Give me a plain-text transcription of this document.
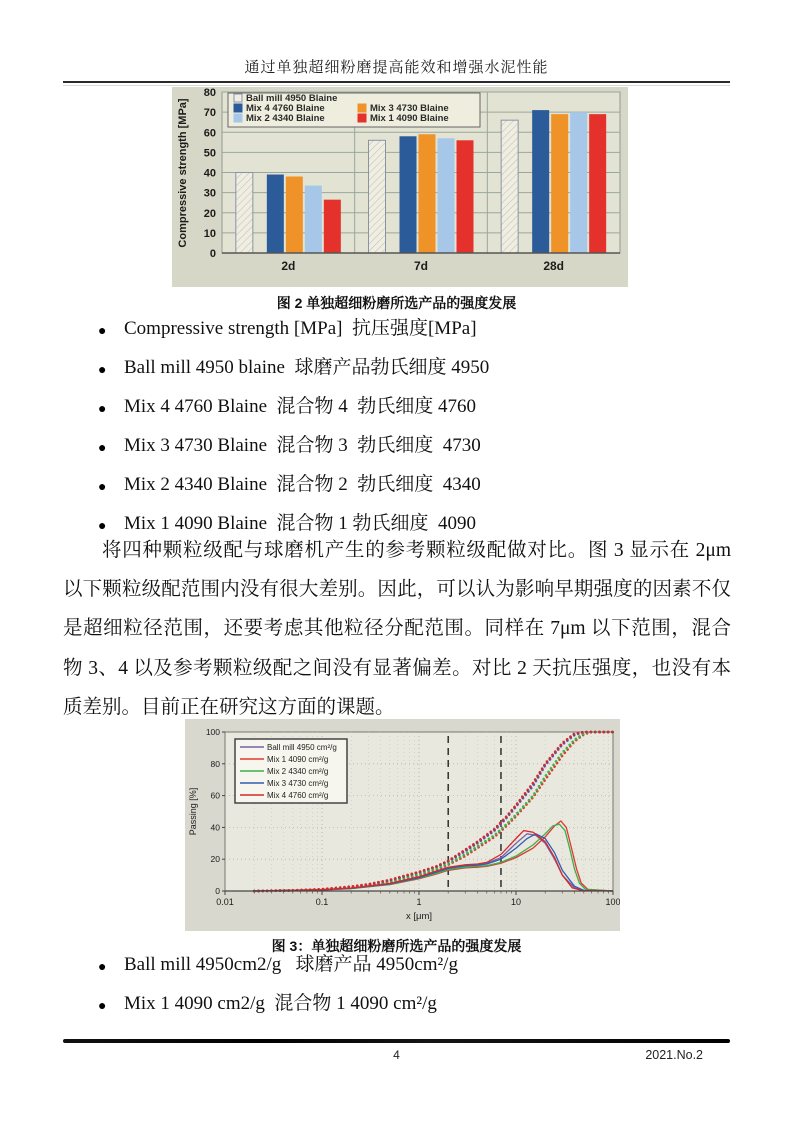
通过单独超细粉磨提高能效和增强水泥性能
0
10
20
30
40
50
60
70
80
Compressive strength [MPa]
2d	7d	28d
Ball mill 4950 Blaine
Mix 4 4760 Blaine	Mix 3 4730 Blaine
Mix 2 4340 Blaine	Mix 1 4090 Blaine
图 2 单独超细粉磨所选产品的强度发展
● Compressive strength [MPa]  抗压强度[MPa]
● Ball mill 4950 blaine  球磨产品勃氏细度 4950
● Mix 4 4760 Blaine  混合物 4  勃氏细度 4760
● Mix 3 4730 Blaine  混合物 3  勃氏细度  4730
● Mix 2 4340 Blaine  混合物 2  勃氏细度  4340
● Mix 1 4090 Blaine  混合物 1 勃氏细度  4090

将四种颗粒级配与球磨机产生的参考颗粒级配做对比。图 3 显示在 2μm 以下颗粒级配范围内没有很大差别。因此，可以认为影响早期强度的因素不仅是超细粒径范围，还要考虑其他粒径分配范围。同样在 7μm 以下范围，混合物 3、4 以及参考颗粒级配之间没有显著偏差。对比 2 天抗压强度，也没有本质差别。目前正在研究这方面的课题。

0
20
40
60
80
100
0.01	0.1	1	10	100
x [μm]
Passing [%]
Ball mill 4950 cm²/g
Mix 1 4090 cm²/g
Mix 2 4340 cm²/g
Mix 3 4730 cm²/g
Mix 4 4760 cm²/g
图 3：单独超细粉磨所选产品的强度发展
● Ball mill 4950cm2/g   球磨产品 4950cm²/g
● Mix 1 4090 cm2/g  混合物 1 4090 cm²/g
4	2021.No.2
